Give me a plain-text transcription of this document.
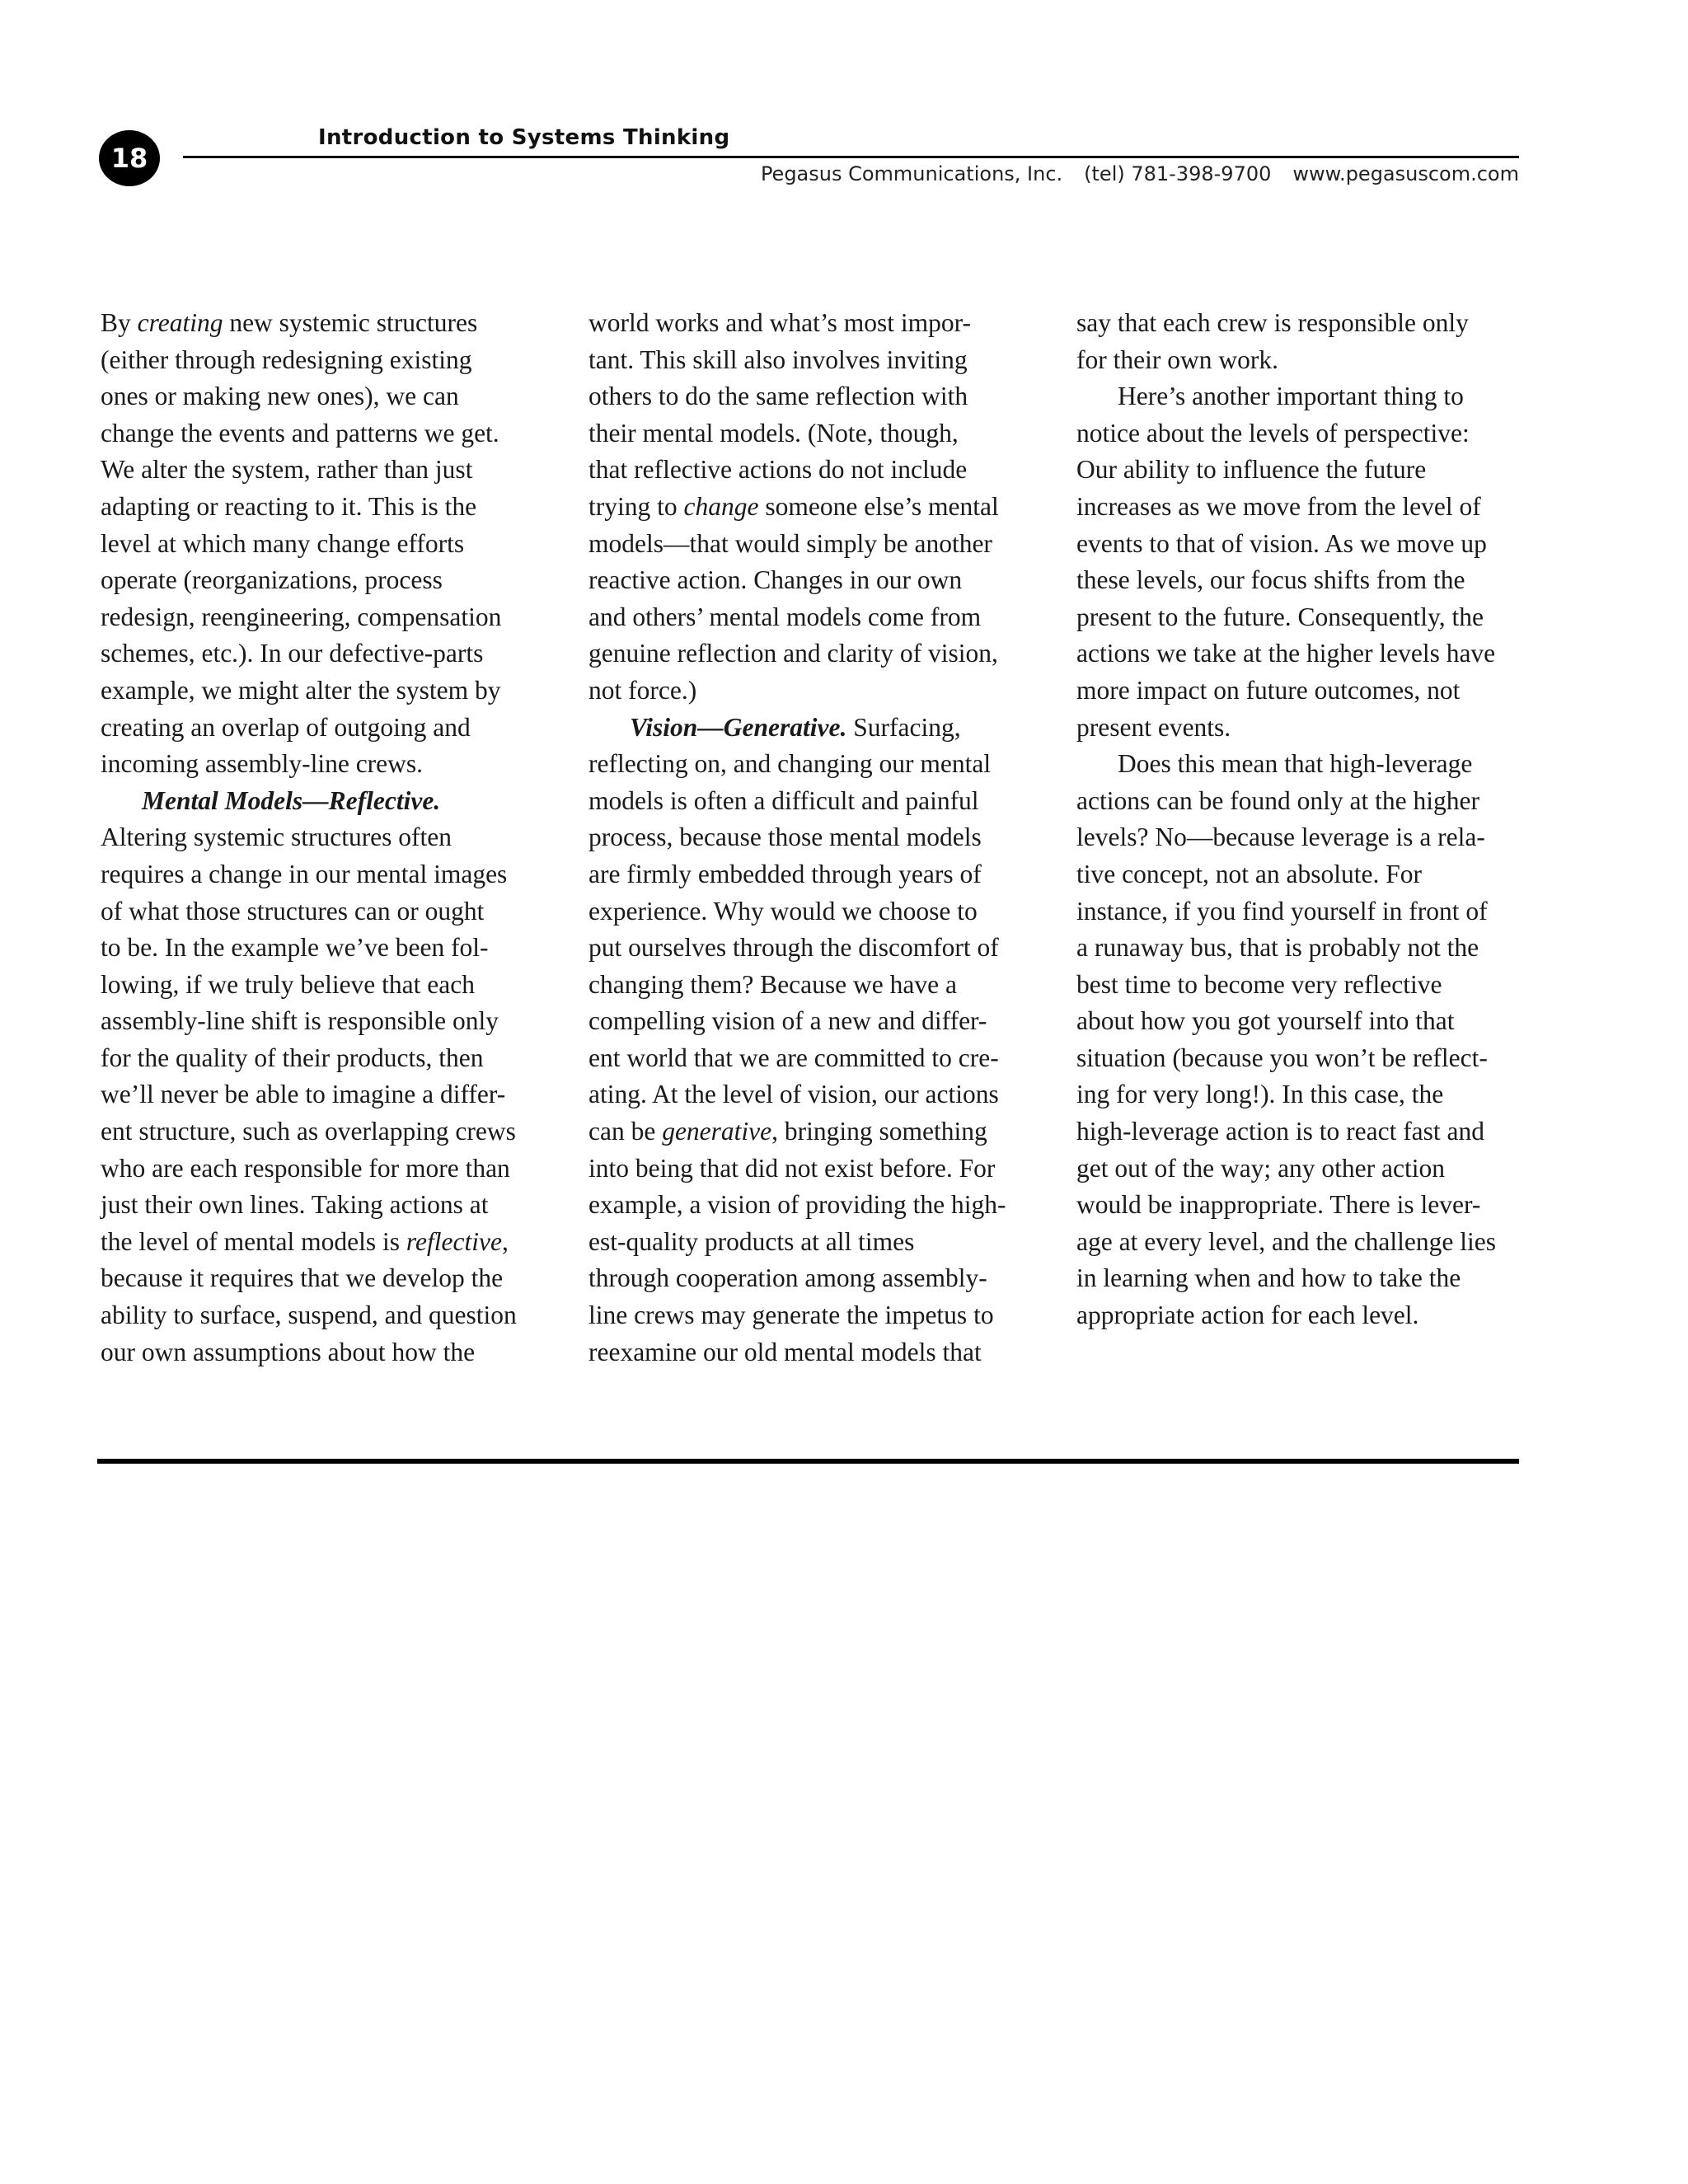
18
Introduction to Systems Thinking
Pegasus Communications, Inc. (tel) 781-398-9700 www.pegasuscom.com
By creating new systemic structures
(either through redesigning existing
ones or making new ones), we can
change the events and patterns we get.
We alter the system, rather than just
adapting or reacting to it. This is the
level at which many change efforts
operate (reorganizations, process
redesign, reengineering, compensation
schemes, etc.). In our defective-parts
example, we might alter the system by
creating an overlap of outgoing and
incoming assembly-line crews.
Mental Models—Reflective.
Altering systemic structures often
requires a change in our mental images
of what those structures can or ought
to be. In the example we’ve been fol-
lowing, if we truly believe that each
assembly-line shift is responsible only
for the quality of their products, then
we’ll never be able to imagine a differ-
ent structure, such as overlapping crews
who are each responsible for more than
just their own lines. Taking actions at
the level of mental models is reflective,
because it requires that we develop the
ability to surface, suspend, and question
our own assumptions about how the
world works and what’s most impor-
tant. This skill also involves inviting
others to do the same reflection with
their mental models. (Note, though,
that reflective actions do not include
trying to change someone else’s mental
models—that would simply be another
reactive action. Changes in our own
and others’ mental models come from
genuine reflection and clarity of vision,
not force.)
Vision—Generative. Surfacing,
reflecting on, and changing our mental
models is often a difficult and painful
process, because those mental models
are firmly embedded through years of
experience. Why would we choose to
put ourselves through the discomfort of
changing them? Because we have a
compelling vision of a new and differ-
ent world that we are committed to cre-
ating. At the level of vision, our actions
can be generative, bringing something
into being that did not exist before. For
example, a vision of providing the high-
est-quality products at all times
through cooperation among assembly-
line crews may generate the impetus to
reexamine our old mental models that
say that each crew is responsible only
for their own work.
Here’s another important thing to
notice about the levels of perspective:
Our ability to influence the future
increases as we move from the level of
events to that of vision. As we move up
these levels, our focus shifts from the
present to the future. Consequently, the
actions we take at the higher levels have
more impact on future outcomes, not
present events.
Does this mean that high-leverage
actions can be found only at the higher
levels? No—because leverage is a rela-
tive concept, not an absolute. For
instance, if you find yourself in front of
a runaway bus, that is probably not the
best time to become very reflective
about how you got yourself into that
situation (because you won’t be reflect-
ing for very long!). In this case, the
high-leverage action is to react fast and
get out of the way; any other action
would be inappropriate. There is lever-
age at every level, and the challenge lies
in learning when and how to take the
appropriate action for each level.
